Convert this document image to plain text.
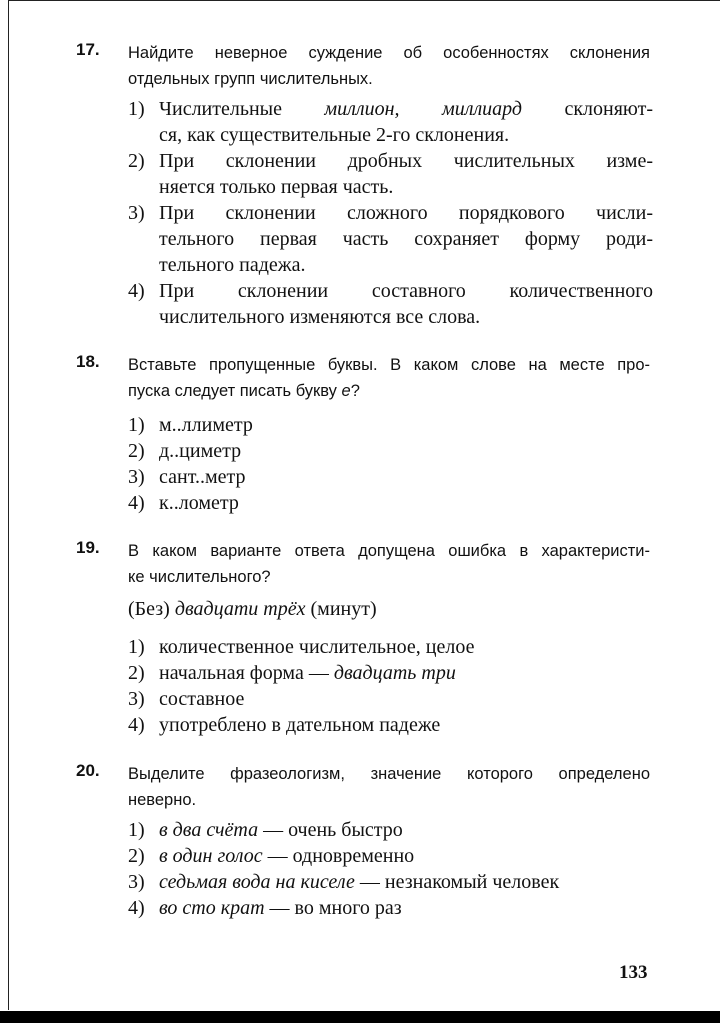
17. Найдите неверное суждение об особенностях склонения
отдельных групп числительных.
1) Числительные миллион, миллиард склоняют-
ся, как существительные 2-го склонения.
2) При склонении дробных числительных изме-
няется только первая часть.
3) При склонении сложного порядкового числи-
тельного первая часть сохраняет форму роди-
тельного падежа.
4) При склонении составного количественного
числительного изменяются все слова.
18. Вставьте пропущенные буквы. В каком слове на месте про-
пуска следует писать букву е?
1) м..ллиметр
2) д..циметр
3) сант..метр
4) к..лометр
19. В каком варианте ответа допущена ошибка в характеристи-
ке числительного?
(Без) двадцати трёх (минут)
1) количественное числительное, целое
2) начальная форма — двадцать три
3) составное
4) употреблено в дательном падеже
20. Выделите фразеологизм, значение которого определено
неверно.
1) в два счёта — очень быстро
2) в один голос — одновременно
3) седьмая вода на киселе — незнакомый человек
4) во сто крат — во много раз
133
